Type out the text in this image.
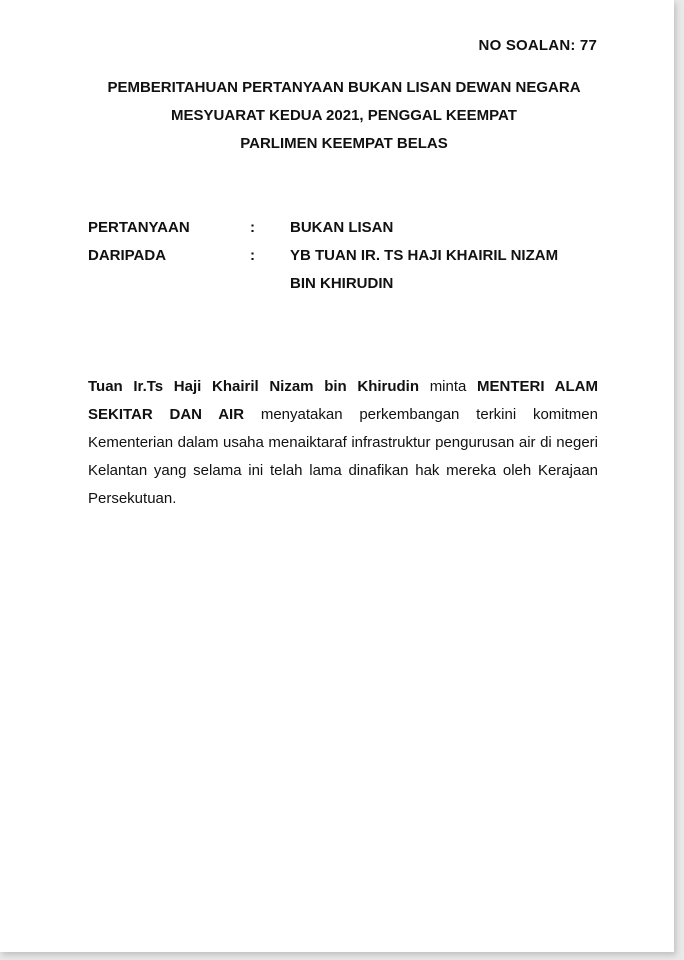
NO SOALAN: 77
PEMBERITAHUAN PERTANYAAN BUKAN LISAN DEWAN NEGARA
MESYUARAT KEDUA 2021, PENGGAL KEEMPAT
PARLIMEN KEEMPAT BELAS
PERTANYAAN	: BUKAN LISAN
DARIPADA	: YB TUAN IR. TS HAJI KHAIRIL NIZAM
BIN KHIRUDIN

Tuan Ir.Ts Haji Khairil Nizam bin Khirudin minta MENTERI ALAM SEKITAR DAN AIR menyatakan perkembangan terkini komitmen Kementerian dalam usaha menaiktaraf infrastruktur pengurusan air di negeri Kelantan yang selama ini telah lama dinafikan hak mereka oleh Kerajaan Persekutuan.
